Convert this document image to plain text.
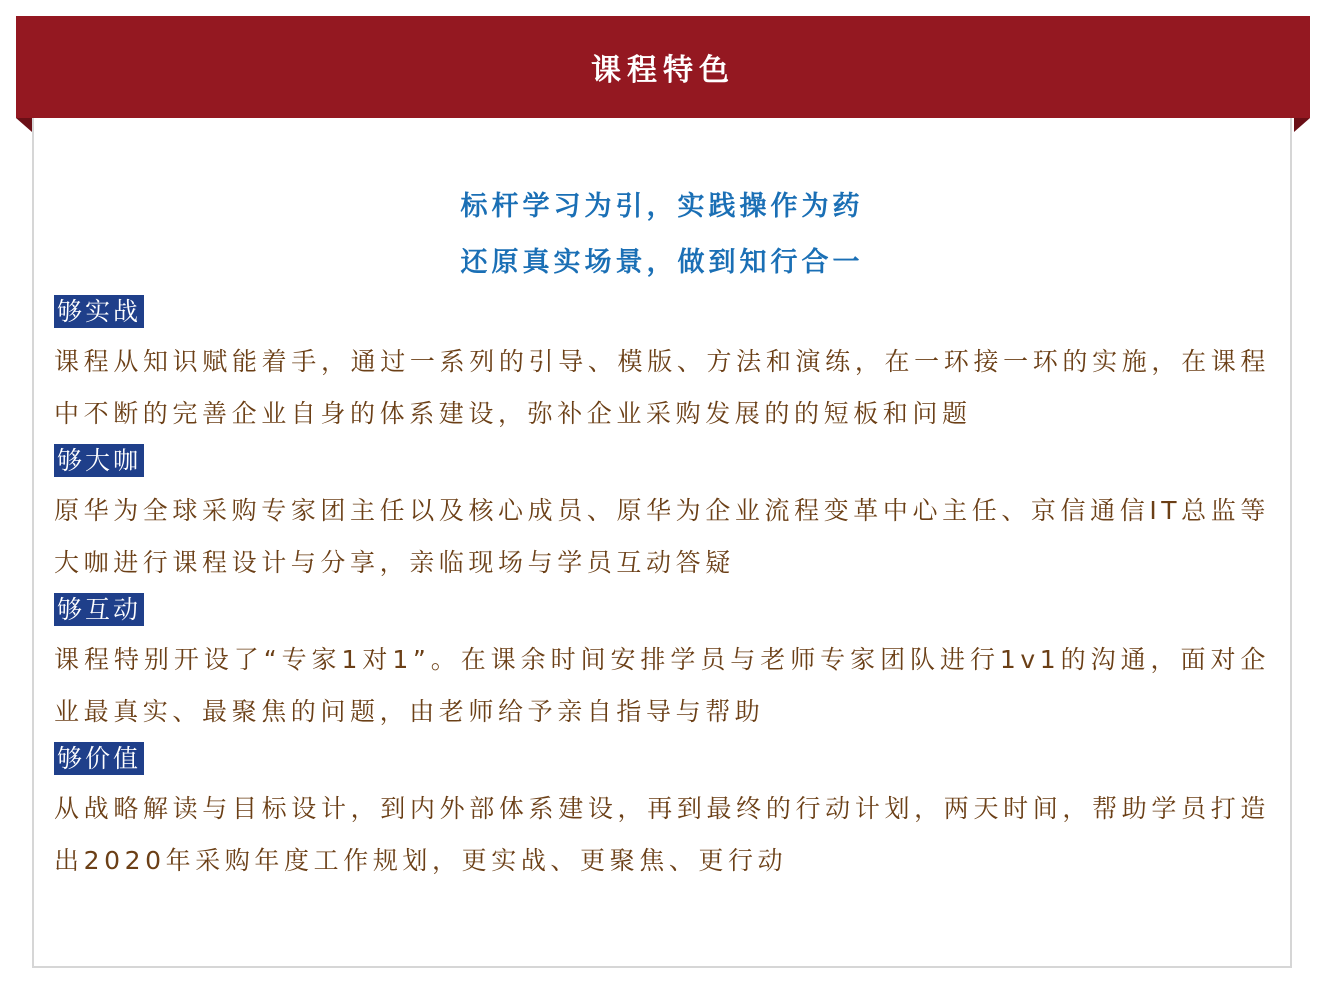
课程特色
标杆学习为引，实践操作为药
还原真实场景，做到知行合一
够实战
课程从知识赋能着手，通过一系列的引导、模版、方法和演练，在一环接一环的实施，在课程中不断的完善企业自身的体系建设，弥补企业采购发展的的短板和问题
够大咖
原华为全球采购专家团主任以及核心成员、原华为企业流程变革中心主任、京信通信IT总监等大咖进行课程设计与分享，亲临现场与学员互动答疑
够互动
课程特别开设了“专家1对1”。在课余时间安排学员与老师专家团队进行1v1的沟通，面对企业最真实、最聚焦的问题，由老师给予亲自指导与帮助
够价值
从战略解读与目标设计，到内外部体系建设，再到最终的行动计划，两天时间，帮助学员打造出2020年采购年度工作规划，更实战、更聚焦、更行动
